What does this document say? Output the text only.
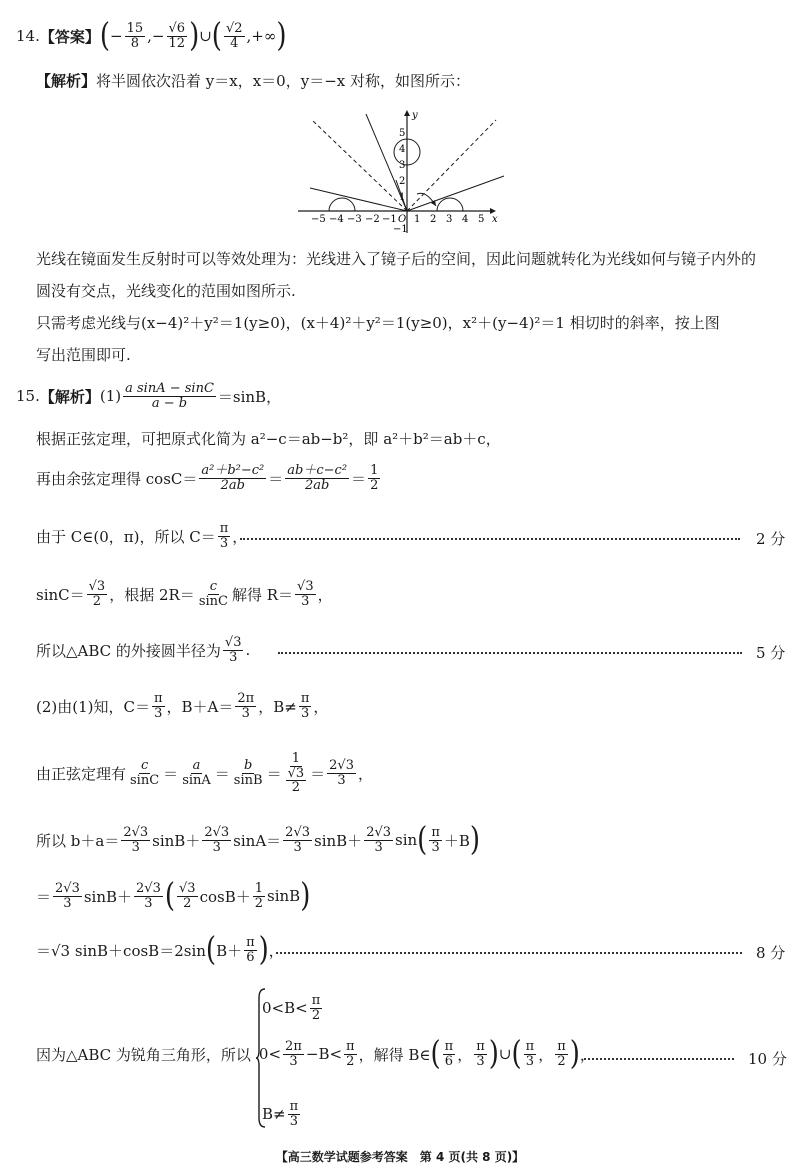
14. 【答案】 ( − $\frac{15}{8}$ ,− $\frac{√6}{12}$ ) ∪ ( $\frac{√2}{4}$ ,+∞ )
【解析】 将半圆依次沿着 y＝x，x＝0，y＝−x 对称，如图所示：
x
y
−5 −4 −3 −2 −1 O 1 2 3 4 5
1
2
3
4
5
−1
光线在镜面发生反射时可以等效处理为：光线进入了镜子后的空间，因此问题就转化为光线如何与镜子内外的
圆没有交点，光线变化的范围如图所示.
只需考虑光线与(x−4)²＋y²＝1(y≥0)，(x＋4)²＋y²＝1(y≥0)，x²＋(y−4)²＝1 相切时的斜率，按上图
写出范围即可.
15. 【解析】 $(1) \frac{\text{a sinA − sinC}}{a - b} =\sin B$，
根据正弦定理，可把原式化简为 a²−c＝ab−b²，即 a²＋b²＝ab＋c，
再由余弦定理得 $\cos C= \frac{\text{a²＋b²−c²}}{2ab} = \frac{\text{ab＋c−c²}}{2ab} = \frac{1}{2}$
由于 C∈(0，π)，所以 $C= \frac{\pi}{3}$ ，	2 分
$\sin C= \frac{√3}{2}$ ，根据 $2R= \frac{c}{\sin C}$ 解得 $R= \frac{√3}{3}$ ，
所以△ABC 的外接圆半径为 $\frac{√3}{3}$ .	5 分
(2)由(1)知，$C= \frac{\pi}{3}$ ，$B+A= \frac{2\pi}{3}$ ，$B\ne \frac{\pi}{3}$ ，
由正弦定理有 $\frac{c}{\sin C} = \frac{a}{\sin A} = \frac{b}{\sin B} = \frac{1}{\frac{√3}{2}} = \frac{2√3}{3}$ ，
所以 $b+a= \frac{2√3}{3} \sin B+ \frac{2√3}{3} \sin A= \frac{2√3}{3} \sin B+ \frac{2√3}{3}$ sin ( $\frac{\pi}{3} +B$ )
＝ $\frac{2√3}{3} \sin B+ \frac{2√3}{3}$ ( $\frac{√3}{2} \cos B+ \frac{1}{2}$ sinB )
＝√3 sinB＋cosB＝2sin ( $B+ \frac{\pi}{6}$ ) ，	8 分
$0<B< \frac{\pi}{2}$
因为△ABC 为锐角三角形，所以 $0< \frac{2\pi}{3} -B< \frac{\pi}{2}$ ，解得 B∈ ( $\frac{\pi}{6}$ ， $\frac{\pi}{3}$ ) ∪ ( $\frac{\pi}{3}$ ， $\frac{\pi}{2}$ ) ，	10 分
$B\ne \frac{\pi}{3}$
【高三数学试题参考答案　第 4 页(共 8 页)】
